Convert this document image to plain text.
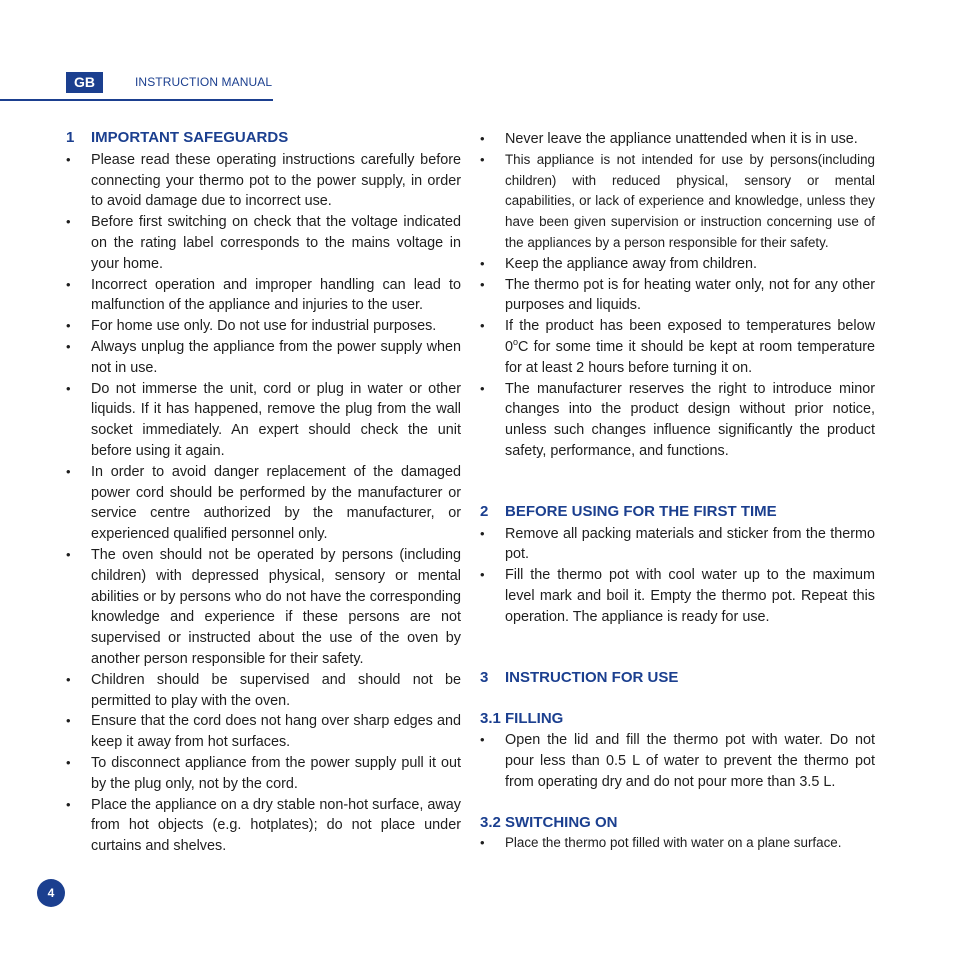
GB	INSTRUCTION MANUAL
1	IMPORTANT SAFEGUARDS
• Please read these operating instructions carefully before connecting your thermo pot to the power supply, in order to avoid damage due to incorrect use.
• Before first switching on check that the voltage indicated on the rating label corresponds to the mains voltage in your home.
• Incorrect operation and improper handling can lead to malfunction of the appliance and injuries to the user.
• For home use only. Do not use for industrial purposes.
• Always unplug the appliance from the power supply when not in use.
• Do not immerse the unit, cord or plug in water or other liquids. If it has happened, remove the plug from the wall socket immediately. An expert should check the unit before using it again.
• In order to avoid danger replacement of the damaged power cord should be performed by the manufacturer or service centre authorized by the manufacturer, or experienced qualified personnel only.
• The oven should not be operated by persons (including children) with depressed physical, sensory or mental abilities or by persons who do not have the corresponding knowledge and experience if these persons are not supervised or instructed about the use of the oven by another person responsible for their safety.
• Children should be supervised and should not be permitted to play with the oven.
• Ensure that the cord does not hang over sharp edges and keep it away from hot surfaces.
• To disconnect appliance from the power supply pull it out by the plug only, not by the cord.
• Place the appliance on a dry stable non-hot surface, away from hot objects (e.g. hotplates); do not place under curtains and shelves.
• Never leave the appliance unattended when it is in use.
• This appliance is not intended for use by persons(including children) with reduced physical, sensory or mental capabilities, or lack of experience and knowledge, unless they have been given supervision or instruction concerning use of the appliances by a person responsible for their safety.
• Keep the appliance away from children.
• The thermo pot is for heating water only, not for any other purposes and liquids.
• If the product has been exposed to temperatures below 0$^o$C for some time it should be kept at room temperature for at least 2 hours before turning it on.
• The manufacturer reserves the right to introduce minor changes into the product design without prior notice, unless such changes influence significantly the product safety, performance, and functions.
2	BEFORE USING FOR THE FIRST TIME
• Remove all packing materials and sticker from the thermo pot.
• Fill the thermo pot with cool water up to the maximum level mark and boil it. Empty the thermo pot. Repeat this operation. The appliance is ready for use.
3	INSTRUCTION FOR USE
3.1 FILLING
• Open the lid and fill the thermo pot with water. Do not pour less than 0.5 L of water to prevent the thermo pot from operating dry and do not pour more than 3.5 L.
3.2 SWITCHING ON
• Place the thermo pot filled with water on a plane surface.
4
